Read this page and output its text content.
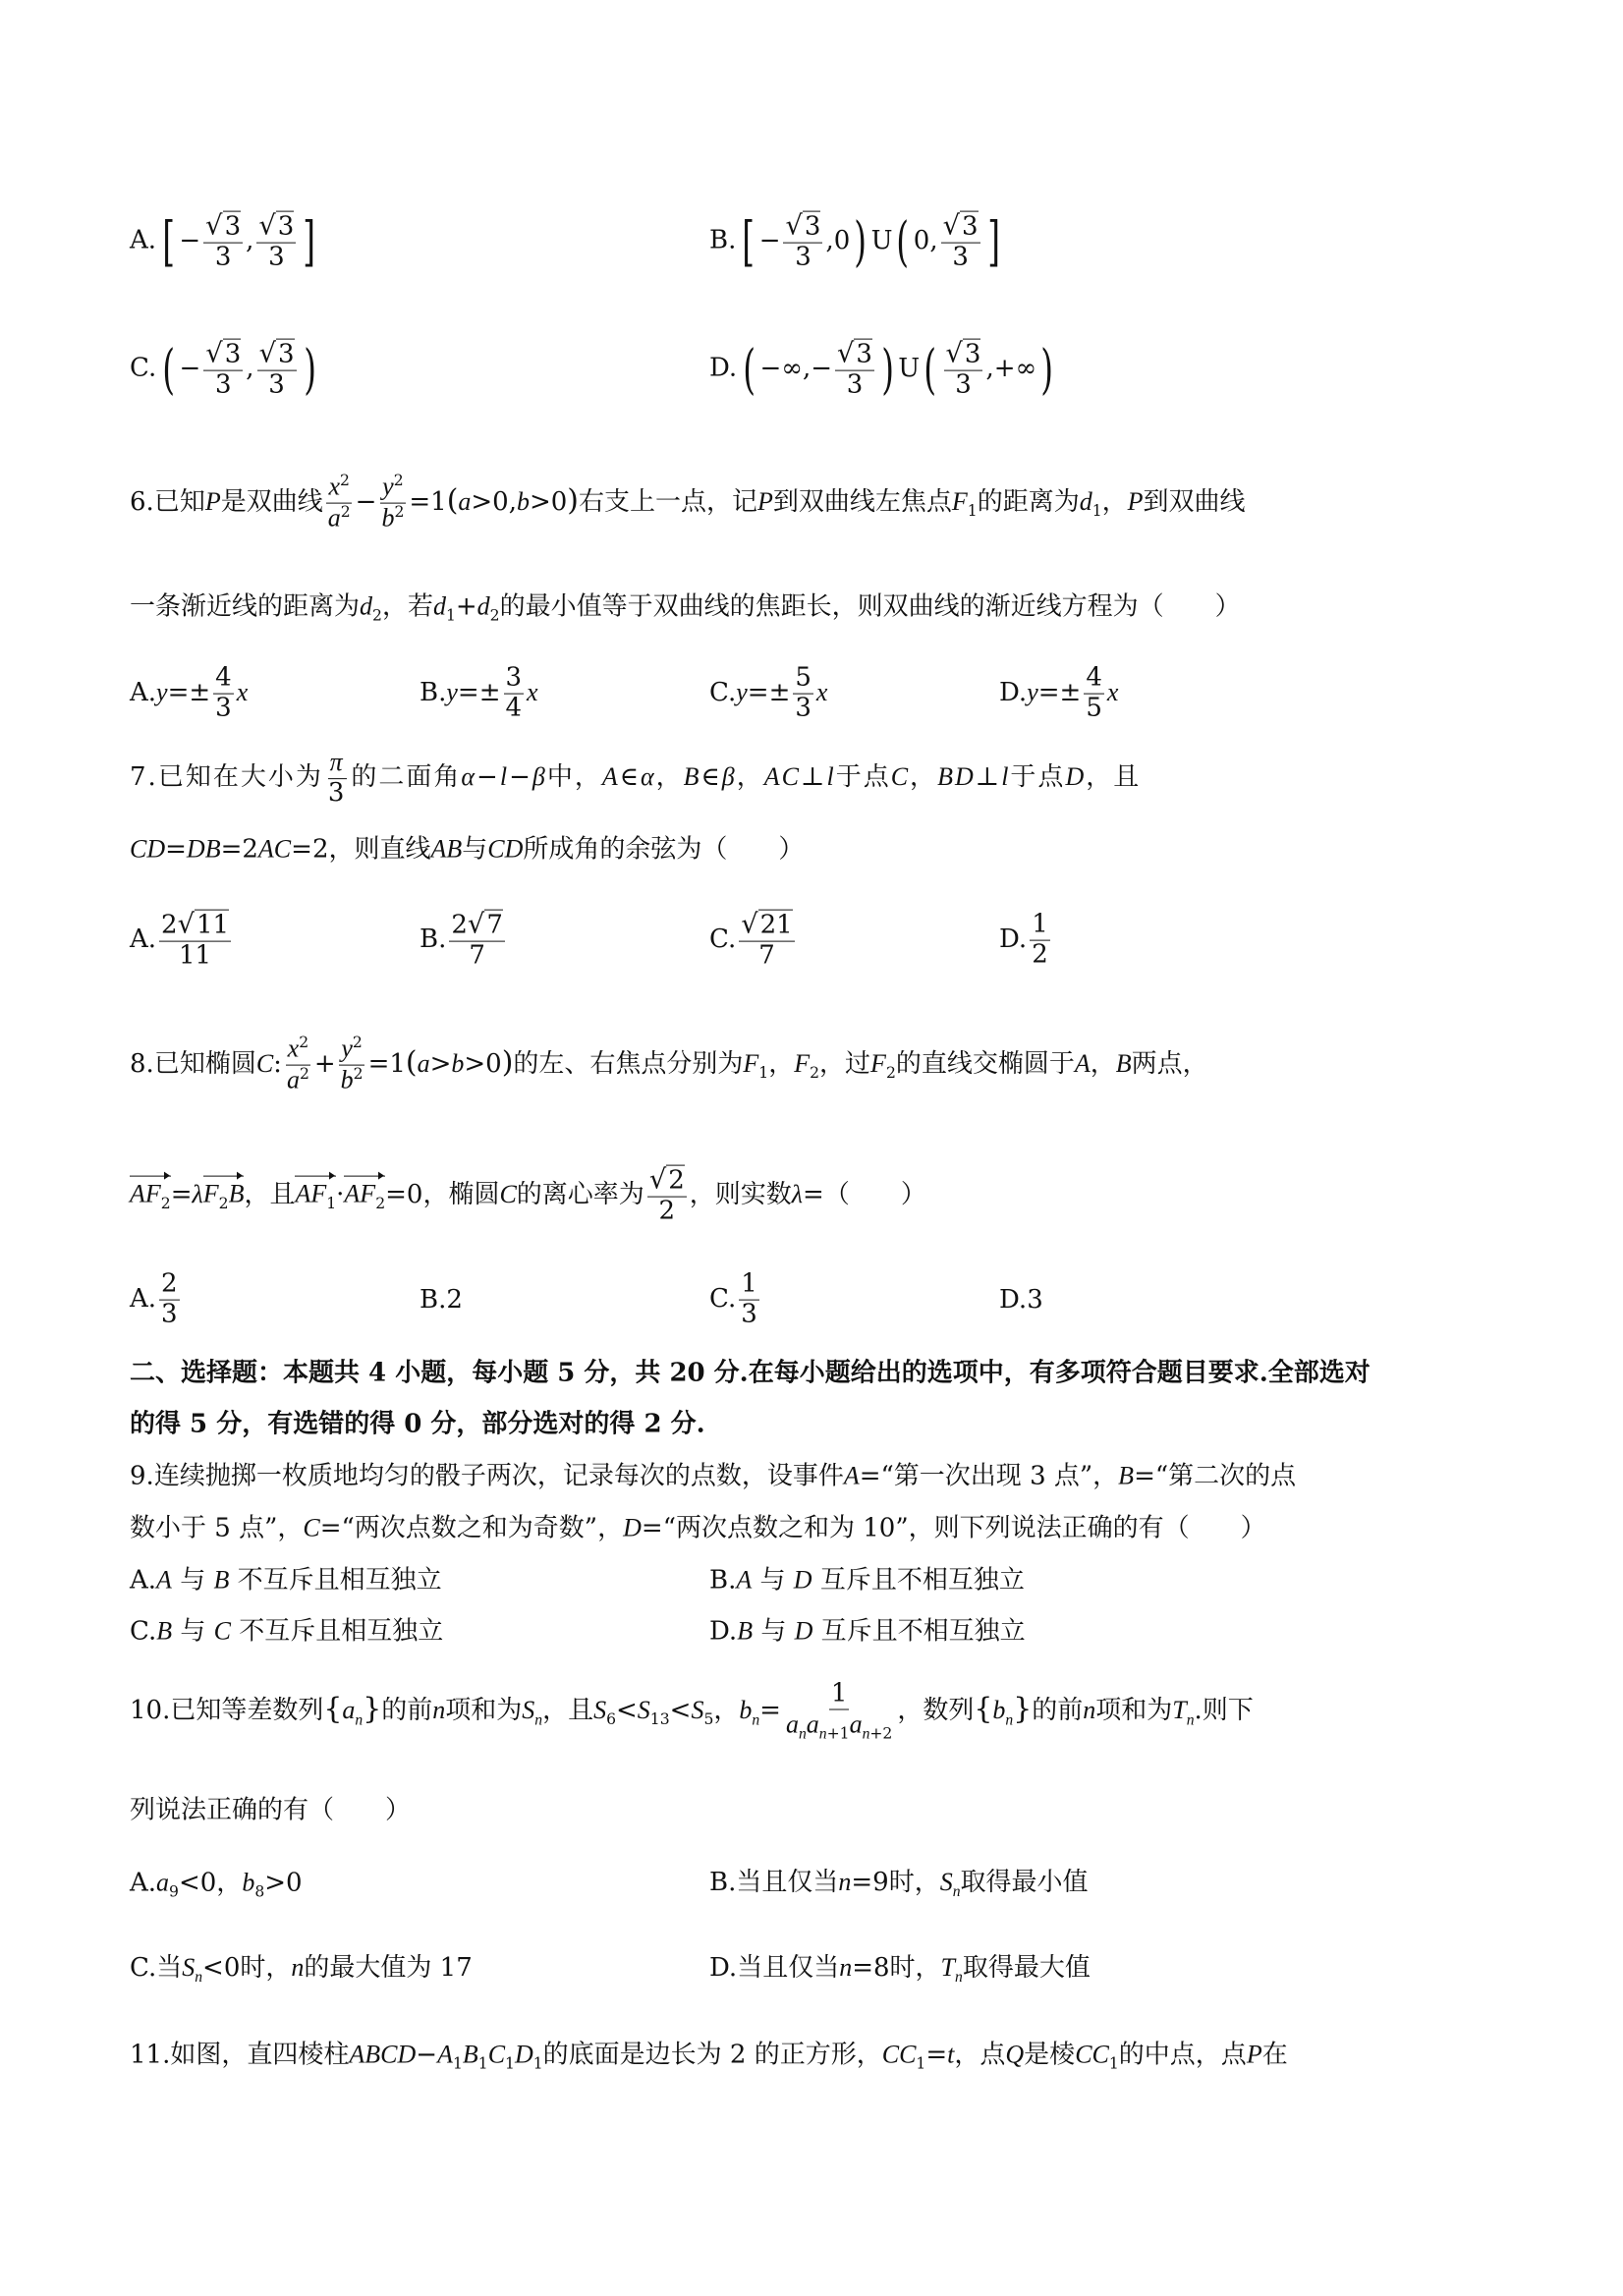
A. [ − $\frac{√3}{3}$ , $\frac{√3}{3}$ ]	B. [ − $\frac{√3}{3} ,0$) U( 0, $\frac{√3}{3}$ ]
C. ( − $\frac{√3}{3}$ , $\frac{√3}{3}$ )	D. ( −∞,− $\frac{√3}{3}$ ) $U( \frac{√3}{3}$ ,+∞)
6.已知P是双曲线 $\frac{x^2}{a^2} - \frac{y^2}{b^2} =1(a>0,b>0)$右支上一点，记P到双曲线左焦点$F_1$的距离为$d_1$，P到双曲线
一条渐近线的距离为$d_2$，若$d_1+d_2$的最小值等于双曲线的焦距长，则双曲线的渐近线方程为（　　）
$A.y=\pm \frac{4}{3}$ x	$B.y=\pm \frac{3}{4}$ x	$C.y=\pm \frac{5}{3}$ x	$D.y=\pm \frac{4}{5}$ x
7.已知在大小为 $\frac{\pi}{3}$ 的二面角α−l−β中，A∈α，B∈β，AC⊥l于点C，BD⊥l于点D，且
CD=DB=2AC=2，则直线AB与CD所成角的余弦为（　　）
A. $\frac{2√11}{11}$	B. $\frac{2√7}{7}$	C. $\frac{√21}{7}$	D. $\frac{1}{2}$
8.已知椭圆C: $\frac{x^2}{a^2} + \frac{y^2}{b^2} =1(a>b>0)$的左、右焦点分别为$F_1$，$F_2$，过$F_2$的直线交椭圆于A，B两点，
$AF_2=\lambda F_2B$，且$AF_1\cdot AF_2=0$，椭圆C的离心率为 $\frac{√2}{2}$ ，则实数λ=（　　）
A. $\frac{2}{3}$	B.2	C. $\frac{1}{3}$	D.3
二、选择题：本题共 4 小题，每小题 5 分，共 20 分.在每小题给出的选项中，有多项符合题目要求.全部选对
的得 5 分，有选错的得 0 分，部分选对的得 2 分.
9.连续抛掷一枚质地均匀的骰子两次，记录每次的点数，设事件A=“第一次出现 3 点”，B=“第二次的点
数小于 5 点”，C=“两次点数之和为奇数”，D=“两次点数之和为 10”，则下列说法正确的有（　　）
A.A 与 B 不互斥且相互独立	B.A 与 D 互斥且不相互独立
C.B 与 C 不互斥且相互独立	D.B 与 D 互斥且不相互独立
10.已知等差数列$\{a_n\}$的前n项和为$S_n$，且$S_6<S_{13}<S_5$，$b_n= \frac{1}{a_na_{n+1}a_{n+2}}$ ，数列$\{b_n\}$的前n项和为$T_n$.则下
列说法正确的有（　　）
$A.a_9<0$，$b_8>0$	B.当且仅当n=9时，$S_n$取得最小值
C.当$S_n<0$时，n的最大值为 17	D.当且仅当n=8时，$T_n$取得最大值
11.如图，直四棱柱$ABCD-A_1B_1C_1D_1$的底面是边长为 2 的正方形，$CC_1=t$，点Q是棱$CC_1$的中点，点P在
